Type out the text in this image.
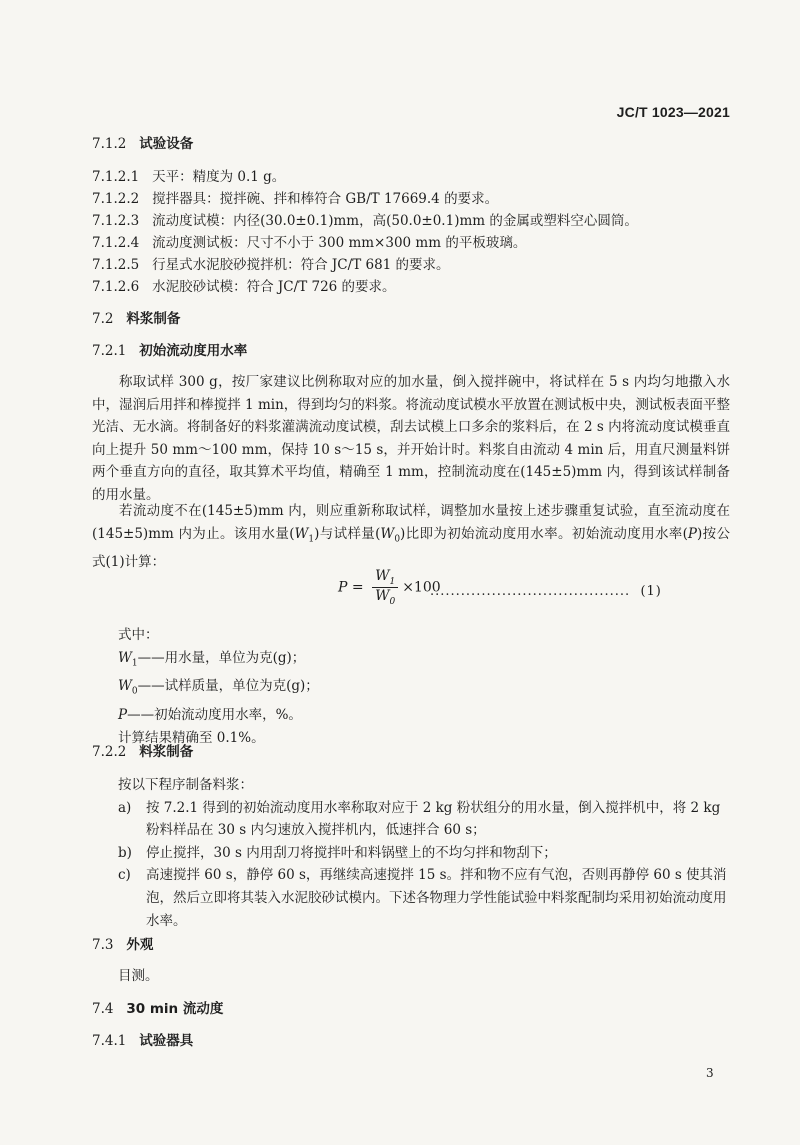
JC/T 1023—2021
7.1.2 试验设备
7.1.2.1 天平：精度为 0.1 g。
7.1.2.2 搅拌器具：搅拌碗、拌和棒符合 GB/T 17669.4 的要求。
7.1.2.3 流动度试模：内径(30.0±0.1)mm，高(50.0±0.1)mm 的金属或塑料空心圆筒。
7.1.2.4 流动度测试板：尺寸不小于 300 mm×300 mm 的平板玻璃。
7.1.2.5 行星式水泥胶砂搅拌机：符合 JC/T 681 的要求。
7.1.2.6 水泥胶砂试模：符合 JC/T 726 的要求。
7.2 料浆制备
7.2.1 初始流动度用水率
称取试样 300 g，按厂家建议比例称取对应的加水量，倒入搅拌碗中，将试样在 5 s 内均匀地撒入水中，湿润后用拌和棒搅拌 1 min，得到均匀的料浆。将流动度试模水平放置在测试板中央，测试板表面平整光洁、无水滴。将制备好的料浆灌满流动度试模，刮去试模上口多余的浆料后，在 2 s 内将流动度试模垂直向上提升 50 mm～100 mm，保持 10 s～15 s，并开始计时。料浆自由流动 4 min 后，用直尺测量料饼两个垂直方向的直径，取其算术平均值，精确至 1 mm，控制流动度在(145±5)mm 内，得到该试样制备的用水量。
若流动度不在(145±5)mm 内，则应重新称取试样，调整加水量按上述步骤重复试验，直至流动度在(145±5)mm 内为止。该用水量$(W_1)$与试样量$(W_0)$比即为初始流动度用水率。初始流动度用水率(P)按公式(1)计算：
$P = \frac{W_1}{W_0} \times 100$
....................................... (1)
式中：
$W_1——$用水量，单位为克(g)；
$W_0——$试样质量，单位为克(g)；
P——初始流动度用水率，%。
计算结果精确至 0.1%。
7.2.2 料浆制备
按以下程序制备料浆：
a) 按 7.2.1 得到的初始流动度用水率称取对应于 2 kg 粉状组分的用水量，倒入搅拌机中，将 2 kg 粉料样品在 30 s 内匀速放入搅拌机内，低速拌合 60 s；
b) 停止搅拌，30 s 内用刮刀将搅拌叶和料锅壁上的不均匀拌和物刮下；
c) 高速搅拌 60 s，静停 60 s，再继续高速搅拌 15 s。拌和物不应有气泡，否则再静停 60 s 使其消泡，然后立即将其装入水泥胶砂试模内。下述各物理力学性能试验中料浆配制均采用初始流动度用水率。
7.3 外观
目测。
7.4 30 min 流动度
7.4.1 试验器具
3
